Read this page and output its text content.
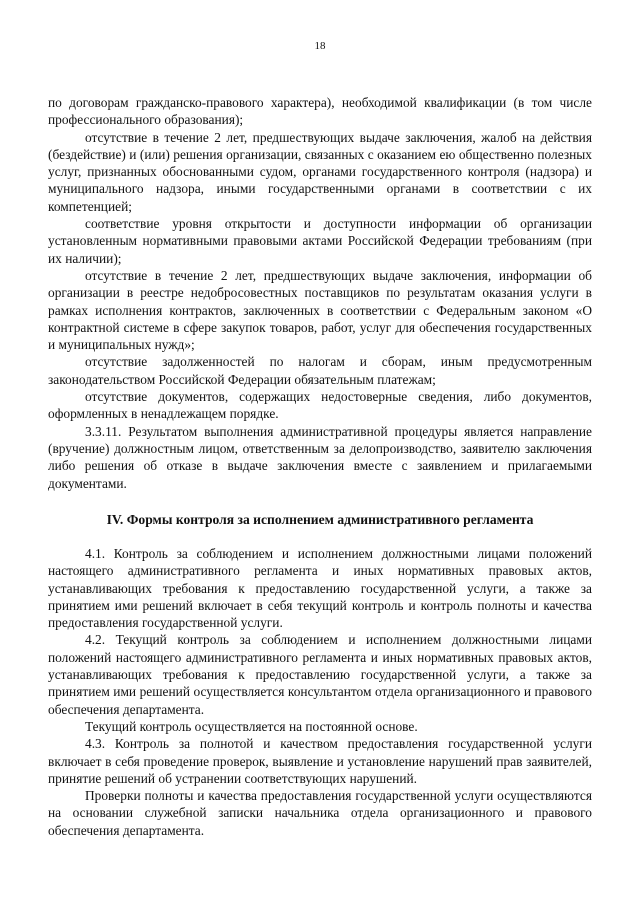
18

по договорам гражданско-правового характера), необходимой квалификации (в том числе профессионального образования);

отсутствие в течение 2 лет, предшествующих выдаче заключения, жалоб на действия (бездействие) и (или) решения организации, связанных с оказанием ею общественно полезных услуг, признанных обоснованными судом, органами государственного контроля (надзора) и муниципального надзора, иными государственными органами в соответствии с их компетенцией;

соответствие уровня открытости и доступности информации об организации установленным нормативными правовыми актами Российской Федерации требованиям (при их наличии);

отсутствие в течение 2 лет, предшествующих выдаче заключения, информации об организации в реестре недобросовестных поставщиков по результатам оказания услуги в рамках исполнения контрактов, заключенных в соответствии с Федеральным законом «О контрактной системе в сфере закупок товаров, работ, услуг для обеспечения государственных и муниципальных нужд»;

отсутствие задолженностей по налогам и сборам, иным предусмотренным законодательством Российской Федерации обязательным платежам;

отсутствие документов, содержащих недостоверные сведения, либо документов, оформленных в ненадлежащем порядке.

3.3.11. Результатом выполнения административной процедуры является направление (вручение) должностным лицом, ответственным за делопроизводство, заявителю заключения либо решения об отказе в выдаче заключения вместе с заявлением и прилагаемыми документами.

IV. Формы контроля за исполнением административного регламента

4.1. Контроль за соблюдением и исполнением должностными лицами положений настоящего административного регламента и иных нормативных правовых актов, устанавливающих требования к предоставлению государственной услуги, а также за принятием ими решений включает в себя текущий контроль и контроль полноты и качества предоставления государственной услуги.

4.2. Текущий контроль за соблюдением и исполнением должностными лицами положений настоящего административного регламента и иных нормативных правовых актов, устанавливающих требования к предоставлению государственной услуги, а также за принятием ими решений осуществляется консультантом отдела организационного и правового обеспечения департамента.

Текущий контроль осуществляется на постоянной основе.

4.3. Контроль за полнотой и качеством предоставления государственной услуги включает в себя проведение проверок, выявление и установление нарушений прав заявителей, принятие решений об устранении соответствующих нарушений.

Проверки полноты и качества предоставления государственной услуги осуществляются на основании служебной записки начальника отдела организационного и правового обеспечения департамента.
